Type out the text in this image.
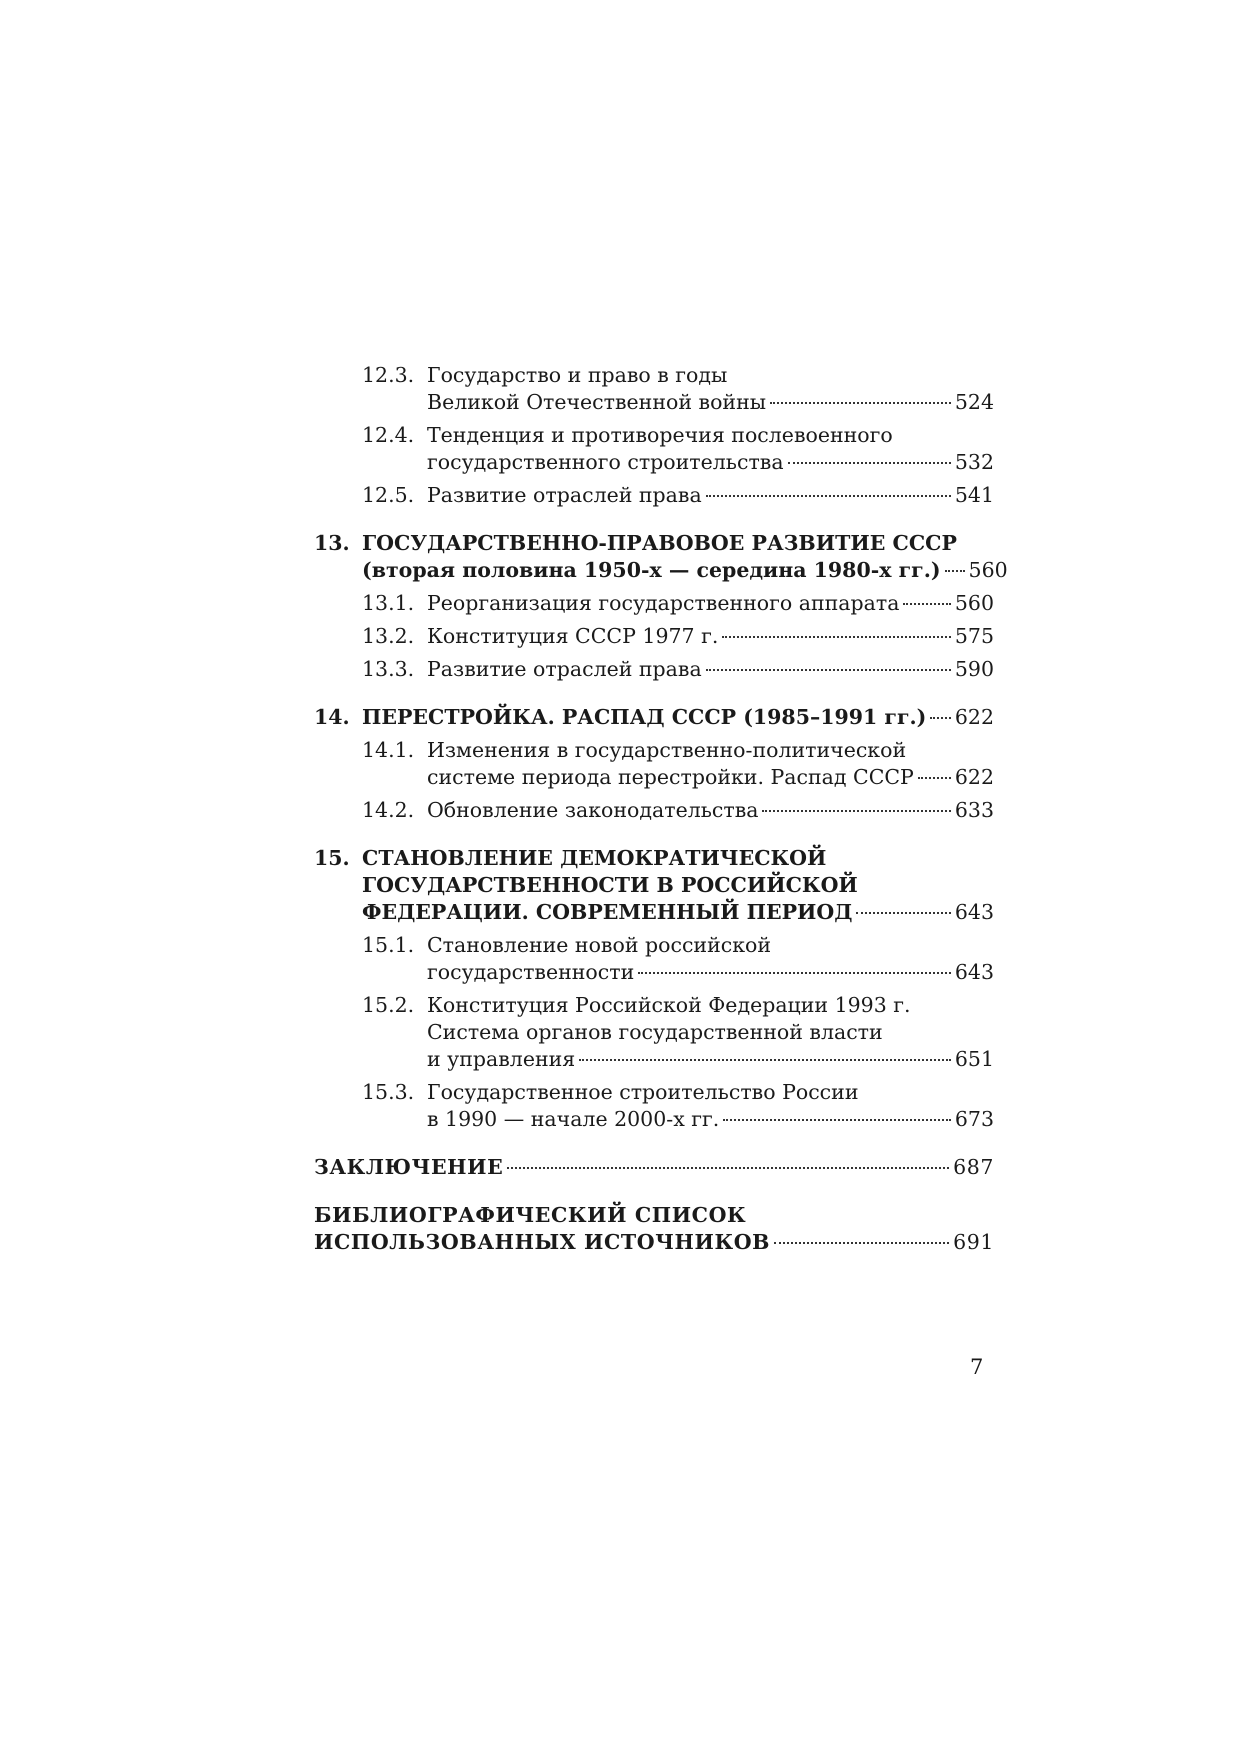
12.3. Государство и право в годы
Великой Отечественной войны	524
12.4. Тенденция и противоречия послевоенного
государственного строительства	532
12.5. Развитие отраслей права	541
13. ГОСУДАРСТВЕННО-ПРАВОВОЕ РАЗВИТИЕ СССР
(вторая половина 1950-х — середина 1980-х гг.) 560
13.1. Реорганизация государственного аппарата	560
13.2. Конституция СССР 1977 г.	575
13.3. Развитие отраслей права	590
14. ПЕРЕСТРОЙКА. РАСПАД СССР (1985–1991 гг.) 622
14.1. Изменения в государственно-политической
системе периода перестройки. Распад СССР 622
14.2. Обновление законодательства	633
15. СТАНОВЛЕНИЕ ДЕМОКРАТИЧЕСКОЙ
ГОСУДАРСТВЕННОСТИ В РОССИЙСКОЙ
ФЕДЕРАЦИИ. СОВРЕМЕННЫЙ ПЕРИОД	643
15.1. Становление новой российской
государственности	643
15.2. Конституция Российской Федерации 1993 г.
Система органов государственной власти
и управления	651
15.3. Государственное строительство России
в 1990 — начале 2000-х гг.	673
ЗАКЛЮЧЕНИЕ	687
БИБЛИОГРАФИЧЕСКИЙ СПИСОК
ИСПОЛЬЗОВАННЫХ ИСТОЧНИКОВ	691
7
